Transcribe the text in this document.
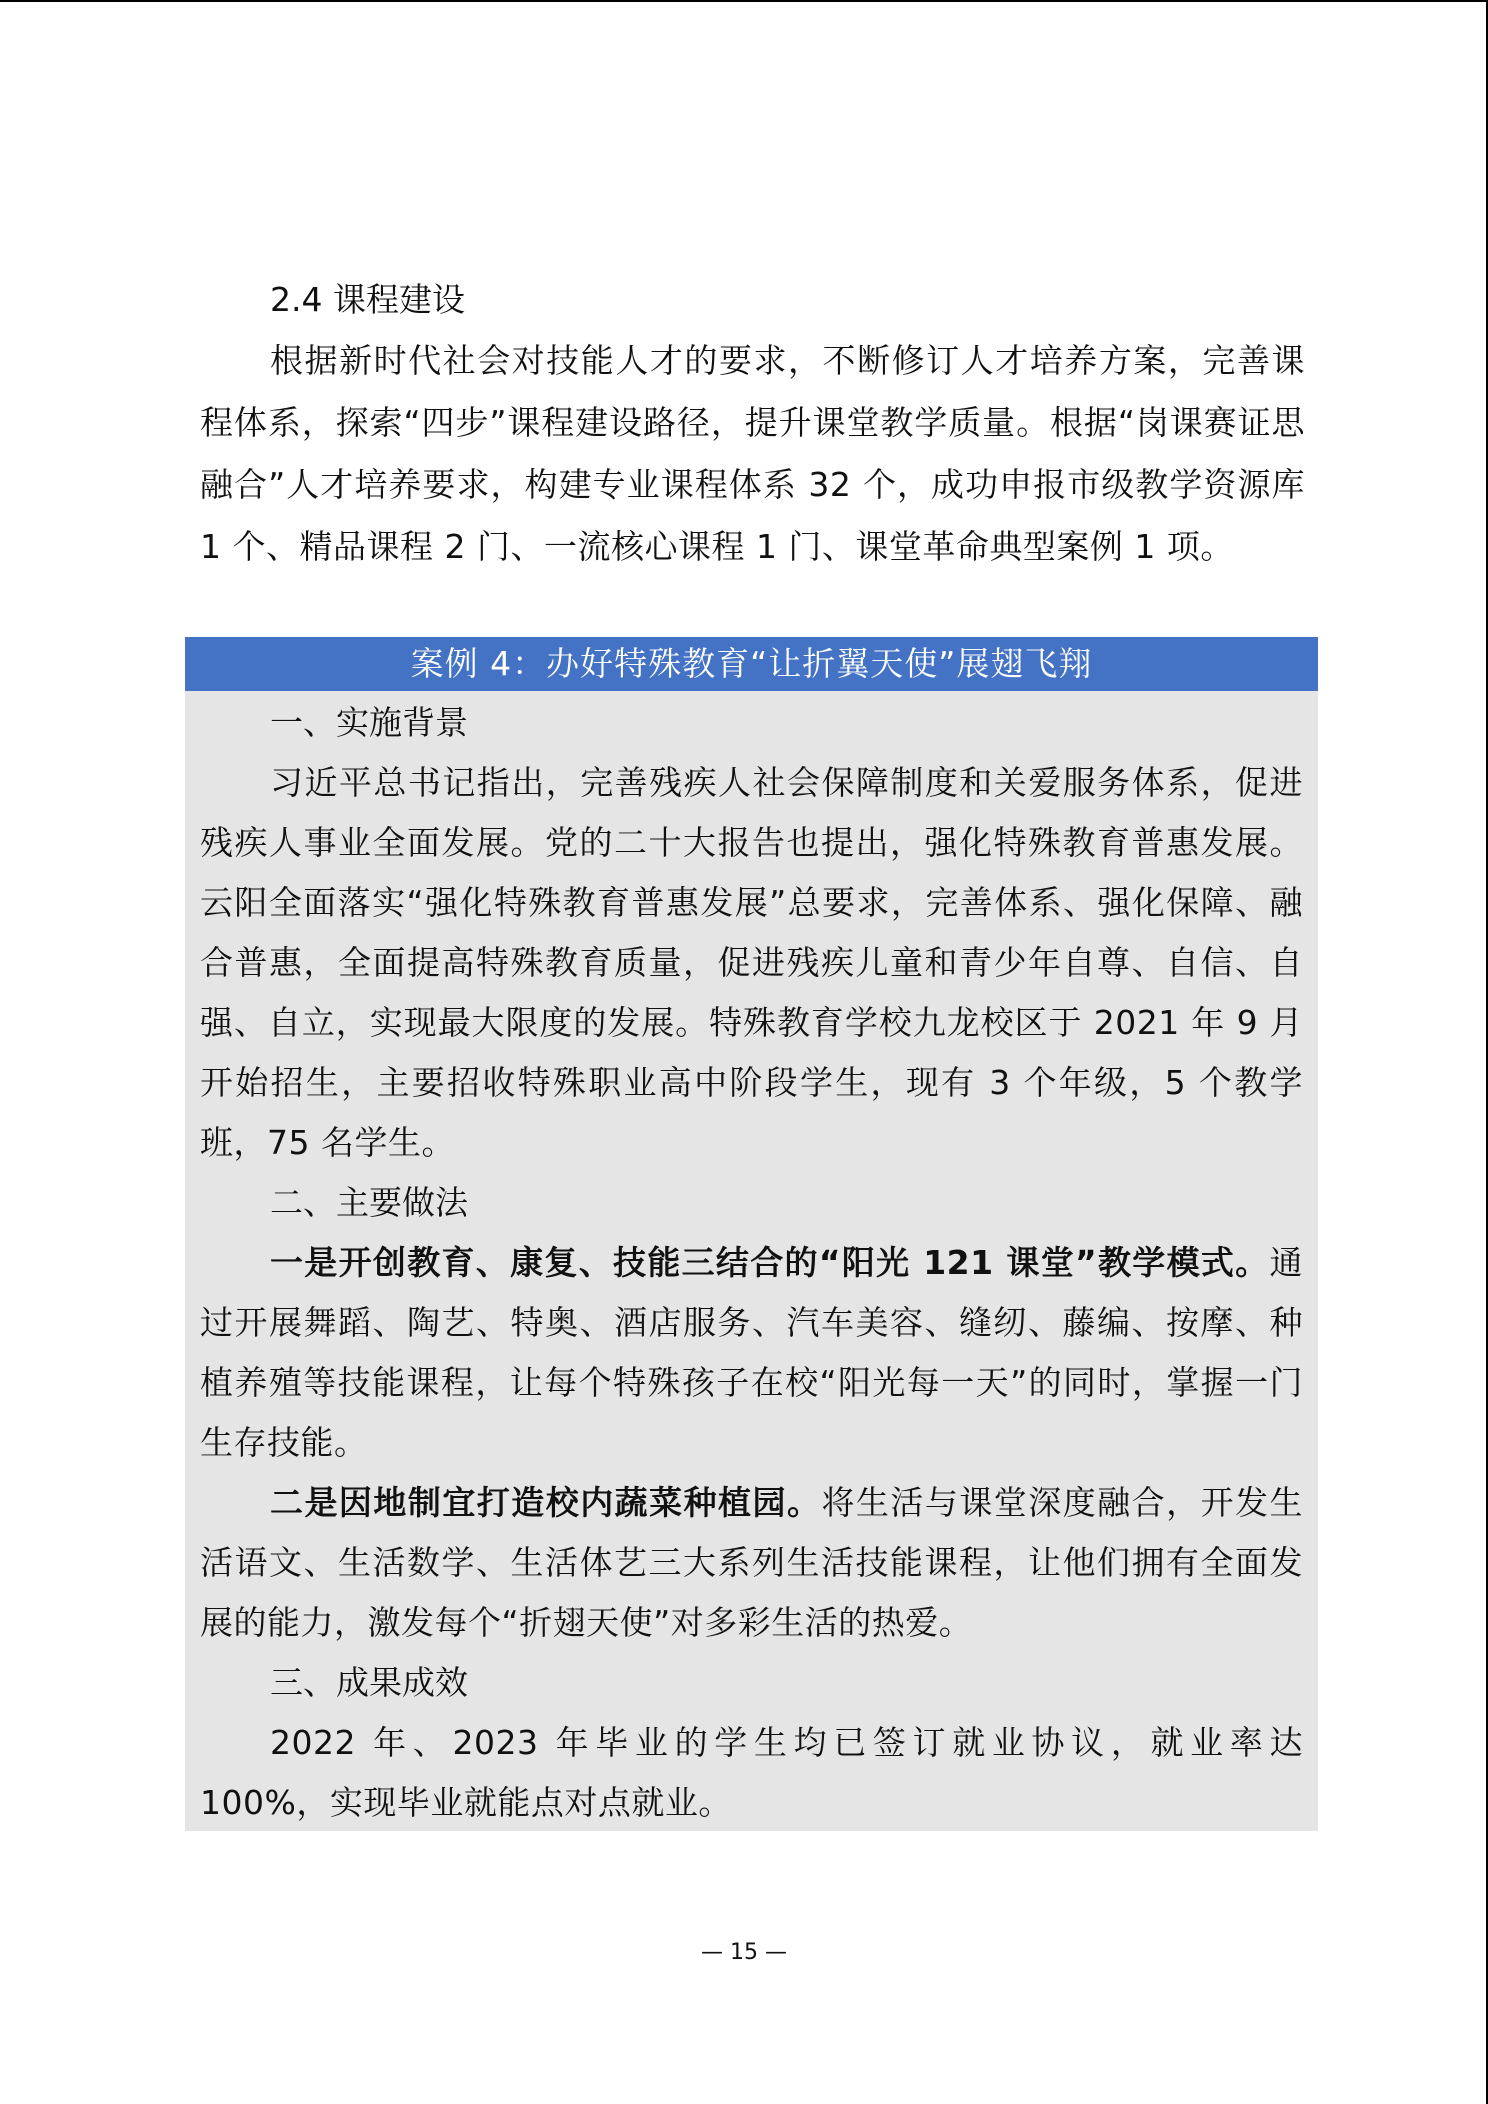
2.4 课程建设

根据新时代社会对技能人才的要求，不断修订人才培养方案，完善课程体系，探索“四步”课程建设路径，提升课堂教学质量。根据“岗课赛证思融合”人才培养要求，构建专业课程体系 32 个，成功申报市级教学资源库 1 个、精品课程 2 门、一流核心课程 1 门、课堂革命典型案例 1 项。

案例 4：办好特殊教育“让折翼天使”展翅飞翔

一、实施背景

习近平总书记指出，完善残疾人社会保障制度和关爱服务体系，促进残疾人事业全面发展。党的二十大报告也提出，强化特殊教育普惠发展。云阳全面落实“强化特殊教育普惠发展”总要求，完善体系、强化保障、融合普惠，全面提高特殊教育质量，促进残疾儿童和青少年自尊、自信、自强、自立，实现最大限度的发展。特殊教育学校九龙校区于 2021 年 9 月开始招生，主要招收特殊职业高中阶段学生，现有 3 个年级，5 个教学班，75 名学生。

二、主要做法

一是开创教育、康复、技能三结合的“阳光 121 课堂”教学模式。通过开展舞蹈、陶艺、特奥、酒店服务、汽车美容、缝纫、藤编、按摩、种植养殖等技能课程，让每个特殊孩子在校“阳光每一天”的同时，掌握一门生存技能。

二是因地制宜打造校内蔬菜种植园。将生活与课堂深度融合，开发生活语文、生活数学、生活体艺三大系列生活技能课程，让他们拥有全面发展的能力，激发每个“折翅天使”对多彩生活的热爱。

三、成果成效

2022 年、2023 年毕业的学生均已签订就业协议，就业率达 100%，实现毕业就能点对点就业。

— 15 —
